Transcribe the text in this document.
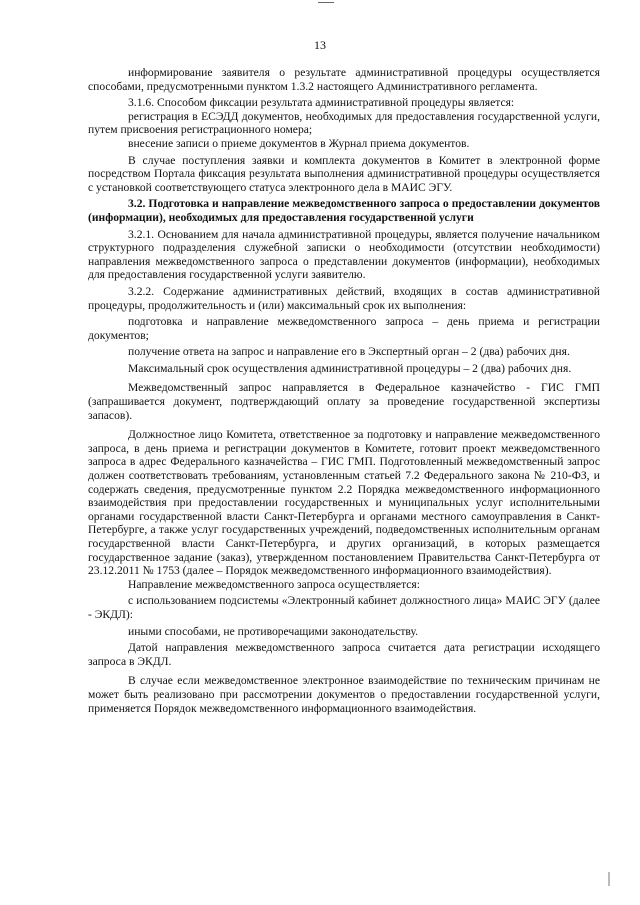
13

информирование заявителя о результате административной процедуры осуществляется способами, предусмотренными пунктом 1.3.2 настоящего Административного регламента.

3.1.6. Способом фиксации результата административной процедуры является:

регистрация в ЕСЭДД документов, необходимых для предоставления государственной услуги, путем присвоения регистрационного номера;

внесение записи о приеме документов в Журнал приема документов.

В случае поступления заявки и комплекта документов в Комитет в электронной форме посредством Портала фиксация результата выполнения административной процедуры осуществляется с установкой соответствующего статуса электронного дела в МАИС ЭГУ.

3.2. Подготовка и направление межведомственного запроса о предоставлении документов (информации), необходимых для предоставления государственной услуги

3.2.1. Основанием для начала административной процедуры, является получение начальником структурного подразделения служебной записки о необходимости (отсутствии необходимости) направления межведомственного запроса о представлении документов (информации), необходимых для предоставления государственной услуги заявителю.

3.2.2. Содержание административных действий, входящих в состав административной процедуры, продолжительность и (или) максимальный срок их выполнения:

подготовка и направление межведомственного запроса – день приема и регистрации документов;

получение ответа на запрос и направление его в Экспертный орган – 2 (два) рабочих дня.

Максимальный срок осуществления административной процедуры – 2 (два) рабочих дня.

Межведомственный запрос направляется в Федеральное казначейство - ГИС ГМП (запрашивается документ, подтверждающий оплату за проведение государственной экспертизы запасов).

Должностное лицо Комитета, ответственное за подготовку и направление межведомственного запроса, в день приема и регистрации документов в Комитете, готовит проект межведомственного запроса в адрес Федерального казначейства – ГИС ГМП. Подготовленный межведомственный запрос должен соответствовать требованиям, установленным статьей 7.2 Федерального закона № 210-ФЗ, и содержать сведения, предусмотренные пунктом 2.2 Порядка межведомственного информационного взаимодействия при предоставлении государственных и муниципальных услуг исполнительными органами государственной власти Санкт-Петербурга и органами местного самоуправления в Санкт-Петербурге, а также услуг государственных учреждений, подведомственных исполнительным органам государственной власти Санкт-Петербурга, и других организаций, в которых размещается государственное задание (заказ), утвержденном постановлением Правительства Санкт-Петербурга от 23.12.2011 № 1753 (далее – Порядок межведомственного информационного взаимодействия).

Направление межведомственного запроса осуществляется:

с использованием подсистемы «Электронный кабинет должностного лица» МАИС ЭГУ (далее - ЭКДЛ):

иными способами, не противоречащими законодательству.

Датой направления межведомственного запроса считается дата регистрации исходящего запроса в ЭКДЛ.

В случае если межведомственное электронное взаимодействие по техническим причинам не может быть реализовано при рассмотрении документов о предоставлении государственной услуги, применяется Порядок межведомственного информационного взаимодействия.
